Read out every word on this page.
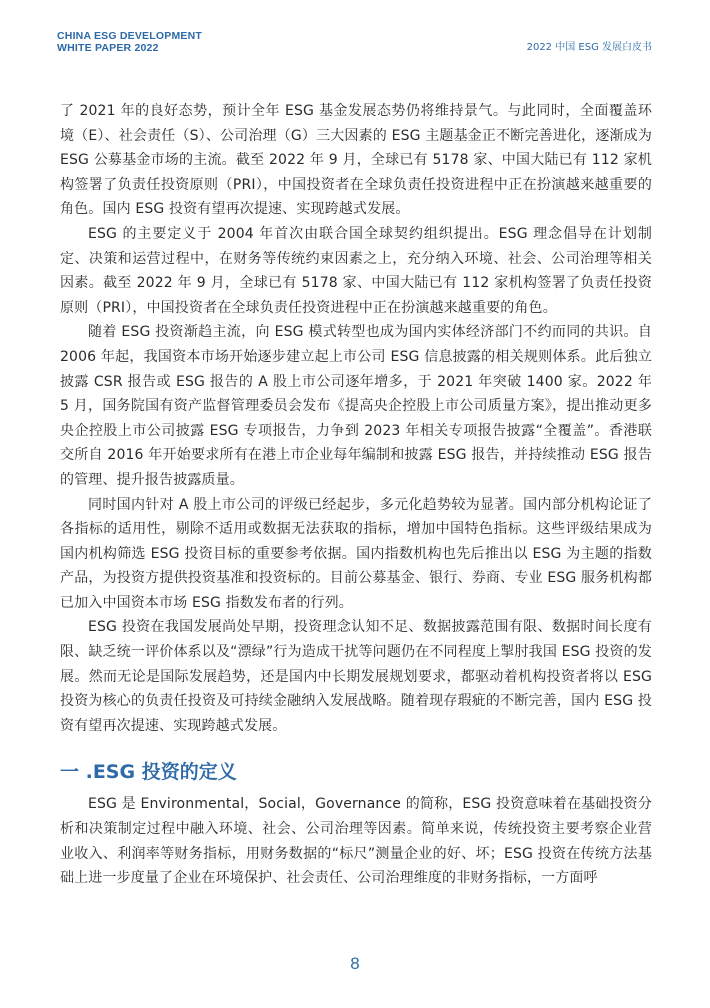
CHINA ESG DEVELOPMENT
WHITE PAPER 2022	2022 中国 ESG 发展白皮书

了 2021 年的良好态势，预计全年 ESG 基金发展态势仍将维持景气。与此同时，全面覆盖环境（E）、社会责任（S）、公司治理（G）三大因素的 ESG 主题基金正不断完善进化，逐渐成为 ESG 公募基金市场的主流。截至 2022 年 9 月，全球已有 5178 家、中国大陆已有 112 家机构签署了负责任投资原则（PRI），中国投资者在全球负责任投资进程中正在扮演越来越重要的角色。国内 ESG 投资有望再次提速、实现跨越式发展。

ESG 的主要定义于 2004 年首次由联合国全球契约组织提出。ESG 理念倡导在计划制定、决策和运营过程中，在财务等传统约束因素之上，充分纳入环境、社会、公司治理等相关因素。截至 2022 年 9 月，全球已有 5178 家、中国大陆已有 112 家机构签署了负责任投资原则（PRI），中国投资者在全球负责任投资进程中正在扮演越来越重要的角色。

随着 ESG 投资渐趋主流，向 ESG 模式转型也成为国内实体经济部门不约而同的共识。自 2006 年起，我国资本市场开始逐步建立起上市公司 ESG 信息披露的相关规则体系。此后独立披露 CSR 报告或 ESG 报告的 A 股上市公司逐年增多，于 2021 年突破 1400 家。2022 年 5 月，国务院国有资产监督管理委员会发布《提高央企控股上市公司质量方案》，提出推动更多央企控股上市公司披露 ESG 专项报告，力争到 2023 年相关专项报告披露“全覆盖”。香港联交所自 2016 年开始要求所有在港上市企业每年编制和披露 ESG 报告，并持续推动 ESG 报告的管理、提升报告披露质量。

同时国内针对 A 股上市公司的评级已经起步，多元化趋势较为显著。国内部分机构论证了各指标的适用性，剔除不适用或数据无法获取的指标，增加中国特色指标。这些评级结果成为国内机构筛选 ESG 投资目标的重要参考依据。国内指数机构也先后推出以 ESG 为主题的指数产品，为投资方提供投资基准和投资标的。目前公募基金、银行、券商、专业 ESG 服务机构都已加入中国资本市场 ESG 指数发布者的行列。

ESG 投资在我国发展尚处早期，投资理念认知不足、数据披露范围有限、数据时间长度有限、缺乏统一评价体系以及“漂绿”行为造成干扰等问题仍在不同程度上掣肘我国 ESG 投资的发展。然而无论是国际发展趋势，还是国内中长期发展规划要求，都驱动着机构投资者将以 ESG 投资为核心的负责任投资及可持续金融纳入发展战略。随着现存瑕疵的不断完善，国内 ESG 投资有望再次提速、实现跨越式发展。

一 .ESG 投资的定义

ESG 是 Environmental，Social，Governance 的简称，ESG 投资意味着在基础投资分析和决策制定过程中融入环境、社会、公司治理等因素。简单来说，传统投资主要考察企业营业收入、利润率等财务指标，用财务数据的“标尺”测量企业的好、坏；ESG 投资在传统方法基础上进一步度量了企业在环境保护、社会责任、公司治理维度的非财务指标，一方面呼

8
